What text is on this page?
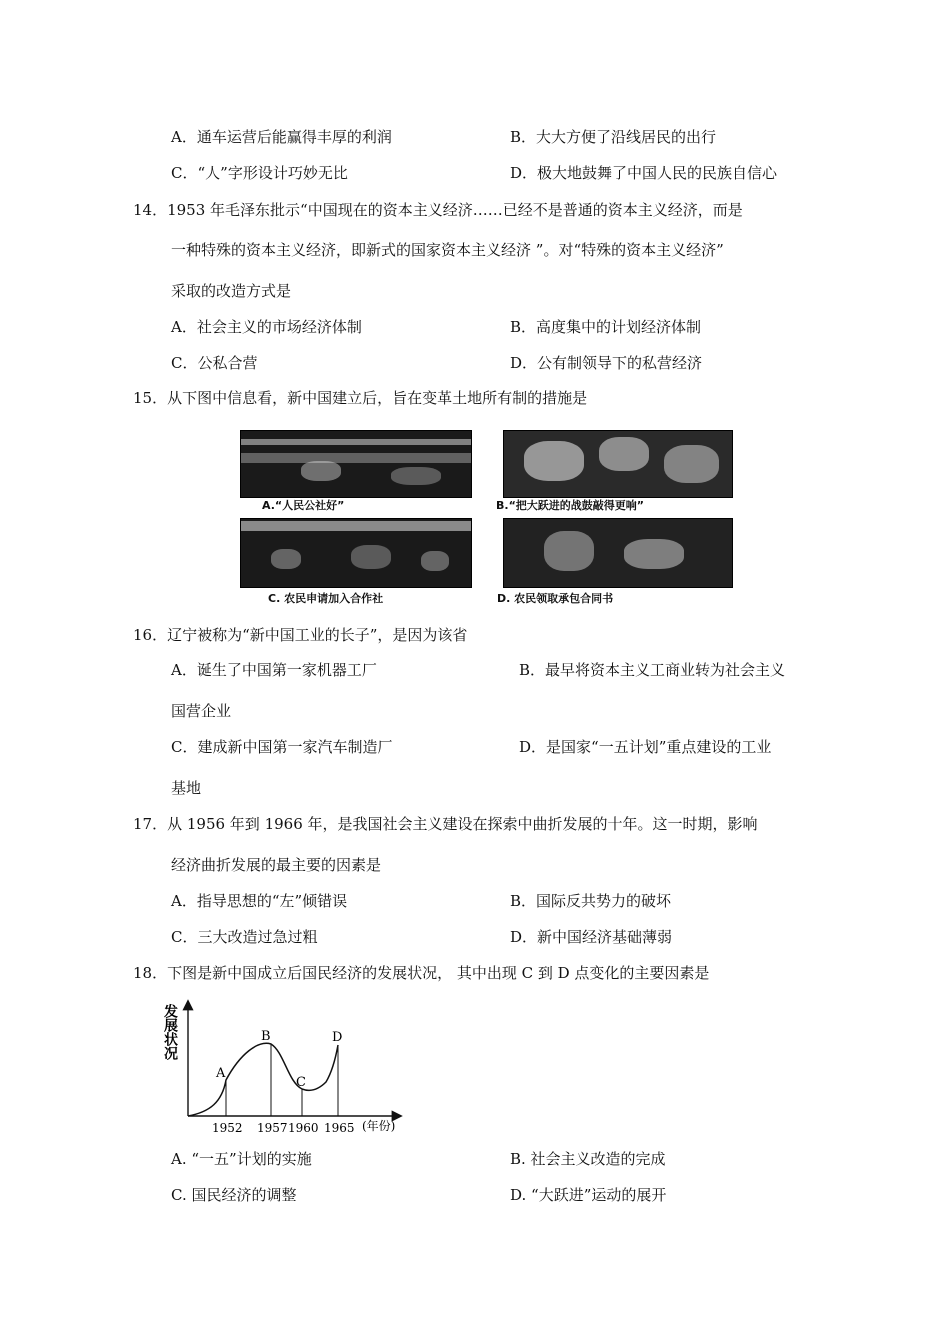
A．通车运营后能赢得丰厚的利润	B．大大方便了沿线居民的出行
C．“人”字形设计巧妙无比	D．极大地鼓舞了中国人民的民族自信心
14．1953 年毛泽东批示“中国现在的资本主义经济……已经不是普通的资本主义经济，而是
一种特殊的资本主义经济，即新式的国家资本主义经济 ”。对“特殊的资本主义经济”
采取的改造方式是
A．社会主义的市场经济体制	B．高度集中的计划经济体制
C．公私合营	D．公有制领导下的私营经济
15．从下图中信息看，新中国建立后，旨在变革土地所有制的措施是
A.“人民公社好”	B.“把大跃进的战鼓敲得更响”
C. 农民申请加入合作社	D. 农民领取承包合同书
16．辽宁被称为“新中国工业的长子”，是因为该省
A．诞生了中国第一家机器工厂	B．最早将资本主义工商业转为社会主义
国营企业
C．建成新中国第一家汽车制造厂	D．是国家“一五计划”重点建设的工业
基地
17．从 1956 年到 1966 年，是我国社会主义建设在探索中曲折发展的十年。这一时期，影响
经济曲折发展的最主要的因素是
A．指导思想的“左”倾错误	B．国际反共势力的破坏
C．三大改造过急过粗	D．新中国经济基础薄弱
18．下图是新中国成立后国民经济的发展状况， 其中出现 C 到 D 点变化的主要因素是
发展状况
(年份)
A
B
C
D
1952 1957 1960 1965
A. “一五”计划的实施	B. 社会主义改造的完成
C. 国民经济的调整	D. “大跃进”运动的展开
